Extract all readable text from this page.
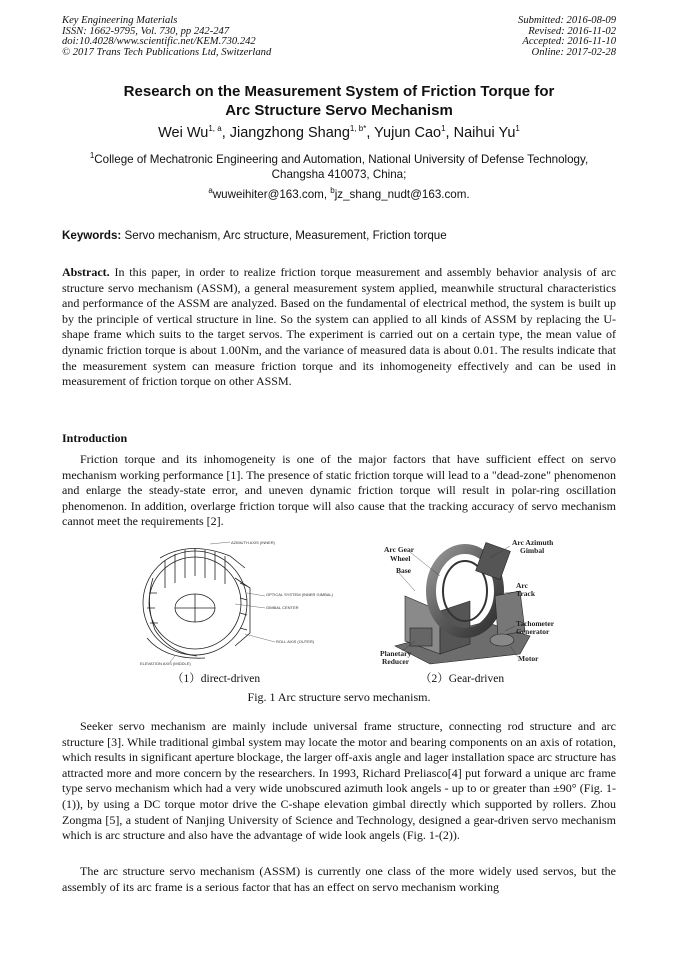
Key Engineering Materials
ISSN: 1662-9795, Vol. 730, pp 242-247
doi:10.4028/www.scientific.net/KEM.730.242
© 2017 Trans Tech Publications Ltd, Switzerland
Submitted: 2016-08-09
Revised: 2016-11-02
Accepted: 2016-11-10
Online: 2017-02-28
Research on the Measurement System of Friction Torque for
Arc Structure Servo Mechanism
Wei Wu$^{1, a}$, Jiangzhong Shang$^{1, b*}$, Yujun Cao$^1$, Naihui Yu$^1$
$^1$College of Mechatronic Engineering and Automation, National University of Defense Technology,
Changsha 410073, China;
$^a$wuweihiter@163.com, $^b$jz_shang_nudt@163.com.
Keywords: Servo mechanism, Arc structure, Measurement, Friction torque
Abstract. In this paper, in order to realize friction torque measurement and assembly behavior analysis of arc structure servo mechanism (ASSM), a general measurement system applied, meanwhile structural characteristics and performance of the ASSM are analyzed. Based on the fundamental of electrical method, the system is built up by the principle of vertical structure in line. So the system can applied to all kinds of ASSM by replacing the U-shape frame which suits to the target servos. The experiment is carried out on a certain type, the mean value of dynamic friction torque is about 1.00Nm, and the variance of measured data is about 0.01. The results indicate that the measurement system can measure friction torque and its inhomogeneity effectively and can be used in measurement of friction torque on other ASSM.
Introduction
Friction torque and its inhomogeneity is one of the major factors that have sufficient effect on servo mechanism working performance [1]. The presence of static friction torque will lead to a "dead-zone" phenomenon and enlarge the steady-state error, and uneven dynamic friction torque will result in polar-ring oscillation phenomenon. In addition, overlarge friction torque will also cause that the tracking accuracy of servo mechanism cannot meet the requirements [2].
AZIMUTH AXIS (INNER)
OPTICAL SYSTEM (INNER GIMBAL)
GIMBAL CENTER
ROLL AXIS (OUTER)
ELEVATION AXIS (MIDDLE)
（1）direct-driven
Arc Gear
Wheel
Base
Arc Azimuth
Gimbal
Arc
Track
Tachometer
Generator
Motor
Planetary
Reducer
（2）Gear-driven
Fig. 1 Arc structure servo mechanism.
Seeker servo mechanism are mainly include universal frame structure, connecting rod structure and arc structure [3]. While traditional gimbal system may locate the motor and bearing components on an axis of rotation, which results in significant aperture blockage, the larger off-axis angle and lager installation space arc structure has attracted more and more concern by the researchers. In 1993, Richard Preliasco[4] put forward a unique arc frame type servo mechanism which had a very wide unobscured azimuth look angels - up to or greater than ±90° (Fig. 1-(1)), by using a DC torque motor drive the C-shape elevation gimbal directly which supported by rollers. Zhou Zongma [5], a student of Nanjing University of Science and Technology, designed a gear-driven servo mechanism which is arc structure and also have the advantage of wide look angels (Fig. 1-(2)).
The arc structure servo mechanism (ASSM) is currently one class of the more widely used servos, but the assembly of its arc frame is a serious factor that has an effect on servo mechanism working
